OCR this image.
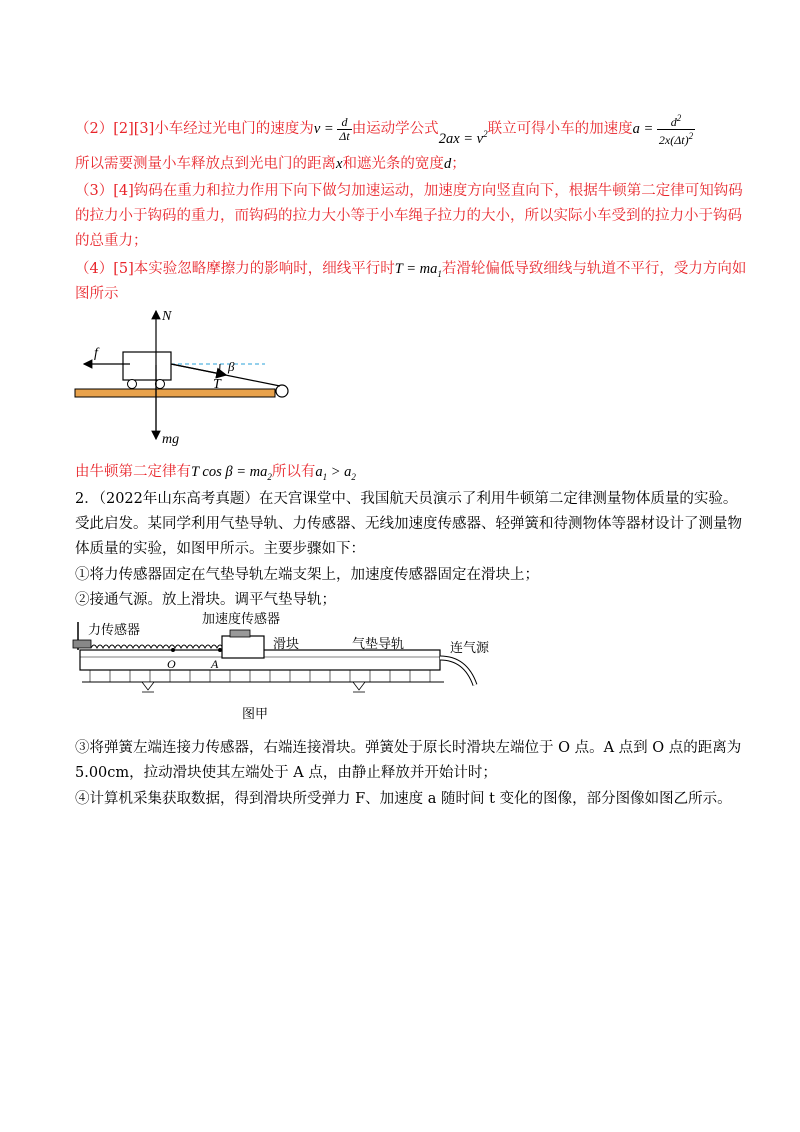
（2）[2][3]小车经过光电门的速度为$v = \frac{d}{\Delta t}$ 由运动学公式$2ax = v^2$联立可得小车的加速度$a = \frac{d^2}{2x(\Delta t)^2}$
所以需要测量小车释放点到光电门的距离x和遮光条的宽度d；
（3）[4]钩码在重力和拉力作用下向下做匀加速运动，加速度方向竖直向下，根据牛顿第二定律可知钩码
的拉力小于钩码的重力，而钩码的拉力大小等于小车绳子拉力的大小，所以实际小车受到的拉力小于钩码
的总重力；
（4）[5]本实验忽略摩擦力的影响时，细线平行时$T = ma_1$若滑轮偏低导致细线与轨道不平行，受力方向如
图所示
f
N
β
T
mg
由牛顿第二定律有T $\cos \beta = ma_2$所以有$a_1 > a_2$
2．（2022年山东高考真题）在天宫课堂中、我国航天员演示了利用牛顿第二定律测量物体质量的实验。
受此启发。某同学利用气垫导轨、力传感器、无线加速度传感器、轻弹簧和待测物体等器材设计了测量物
体质量的实验，如图甲所示。主要步骤如下：
①将力传感器固定在气垫导轨左端支架上，加速度传感器固定在滑块上；
②接通气源。放上滑块。调平气垫导轨；
力传感器
加速度传感器
滑块	气垫导轨	连气源
O	A
图甲
③将弹簧左端连接力传感器，右端连接滑块。弹簧处于原长时滑块左端位于 O 点。A 点到 O 点的距离为
5.00cm，拉动滑块使其左端处于 A 点，由静止释放并开始计时；
④计算机采集获取数据，得到滑块所受弹力 F、加速度 a 随时间 t 变化的图像，部分图像如图乙所示。
